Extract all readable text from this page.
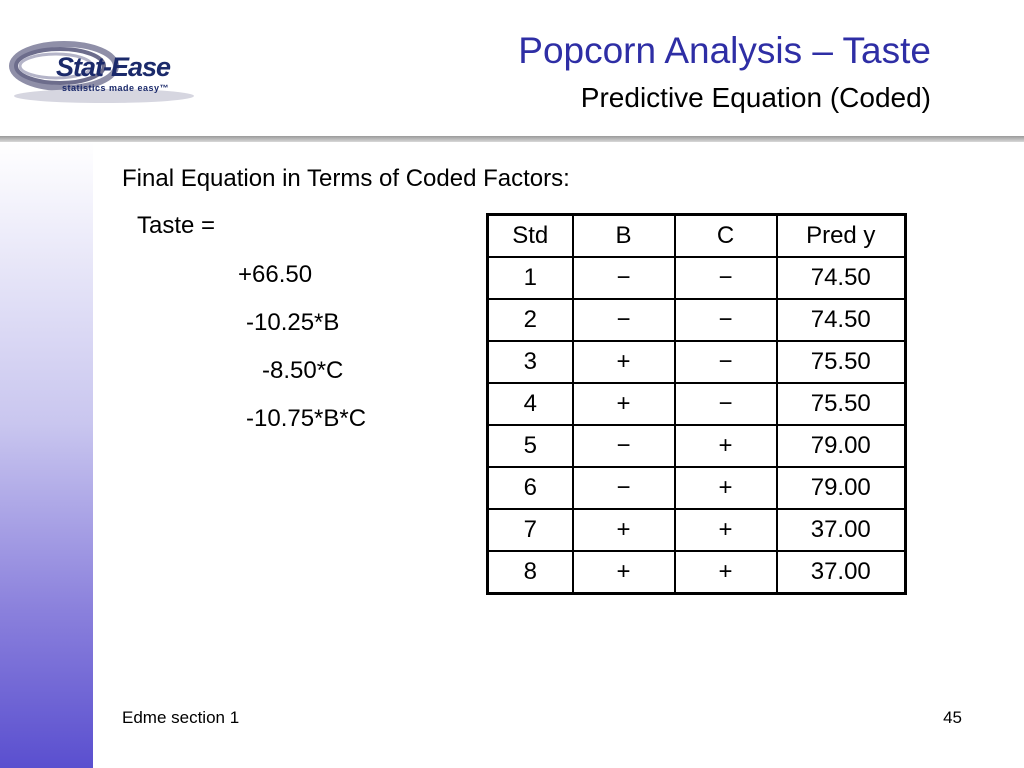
Stat-Ease
statistics made easy™
Popcorn Analysis – Taste
Predictive Equation (Coded)
Final Equation in Terms of Coded Factors:
Taste =
+66.50
-10.25*B
-8.50*C
-10.75*B*C
Std	B	C	Pred y
1	−	−	74.50
2	−	−	74.50
3	+	−	75.50
4	+	−	75.50
5	−	+	79.00
6	−	+	79.00
7	+	+	37.00
8	+	+	37.00
Edme section 1	45
